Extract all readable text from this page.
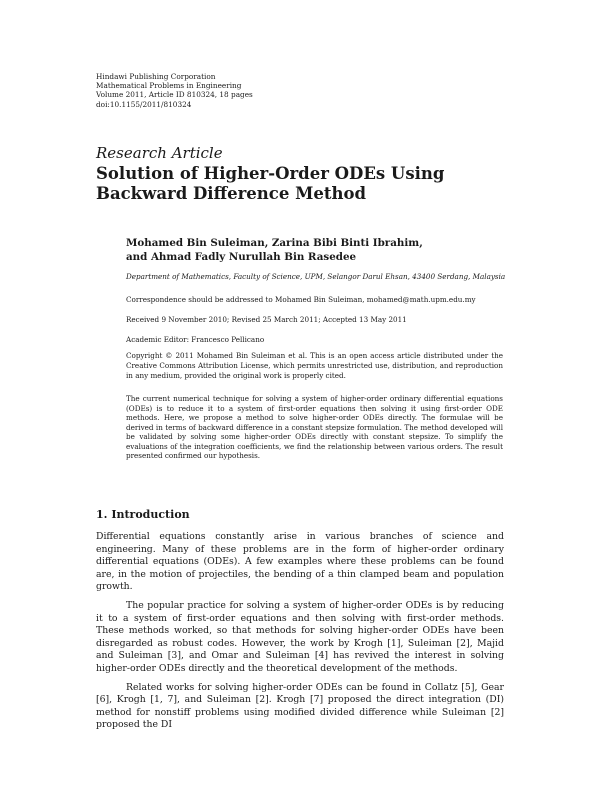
Hindawi Publishing Corporation
Mathematical Problems in Engineering
Volume 2011, Article ID 810324, 18 pages
doi:10.1155/2011/810324
Research Article
Solution of Higher-Order ODEs Using Backward Difference Method
Mohamed Bin Suleiman, Zarina Bibi Binti Ibrahim,
and Ahmad Fadly Nurullah Bin Rasedee
Department of Mathematics, Faculty of Science, UPM, Selangor Darul Ehsan, 43400 Serdang, Malaysia
Correspondence should be addressed to Mohamed Bin Suleiman, mohamed@math.upm.edu.my
Received 9 November 2010; Revised 25 March 2011; Accepted 13 May 2011
Academic Editor: Francesco Pellicano
Copyright © 2011 Mohamed Bin Suleiman et al. This is an open access article distributed under the Creative Commons Attribution License, which permits unrestricted use, distribution, and reproduction in any medium, provided the original work is properly cited.
The current numerical technique for solving a system of higher-order ordinary differential equations (ODEs) is to reduce it to a system of first-order equations then solving it using first-order ODE methods. Here, we propose a method to solve higher-order ODEs directly. The formulae will be derived in terms of backward difference in a constant stepsize formulation. The method developed will be validated by solving some higher-order ODEs directly with constant stepsize. To simplify the evaluations of the integration coefficients, we find the relationship between various orders. The result presented confirmed our hypothesis.
1. Introduction

Differential equations constantly arise in various branches of science and engineering. Many of these problems are in the form of higher-order ordinary differential equations (ODEs). A few examples where these problems can be found are, in the motion of projectiles, the bending of a thin clamped beam and population growth.

The popular practice for solving a system of higher-order ODEs is by reducing it to a system of first-order equations and then solving with first-order methods. These methods worked, so that methods for solving higher-order ODEs have been disregarded as robust codes. However, the work by Krogh [1], Suleiman [2], Majid and Suleiman [3], and Omar and Suleiman [4] has revived the interest in solving higher-order ODEs directly and the theoretical development of the methods.

Related works for solving higher-order ODEs can be found in Collatz [5], Gear [6], Krogh [1, 7], and Suleiman [2]. Krogh [7] proposed the direct integration (DI) method for nonstiff problems using modified divided difference while Suleiman [2] proposed the DI
